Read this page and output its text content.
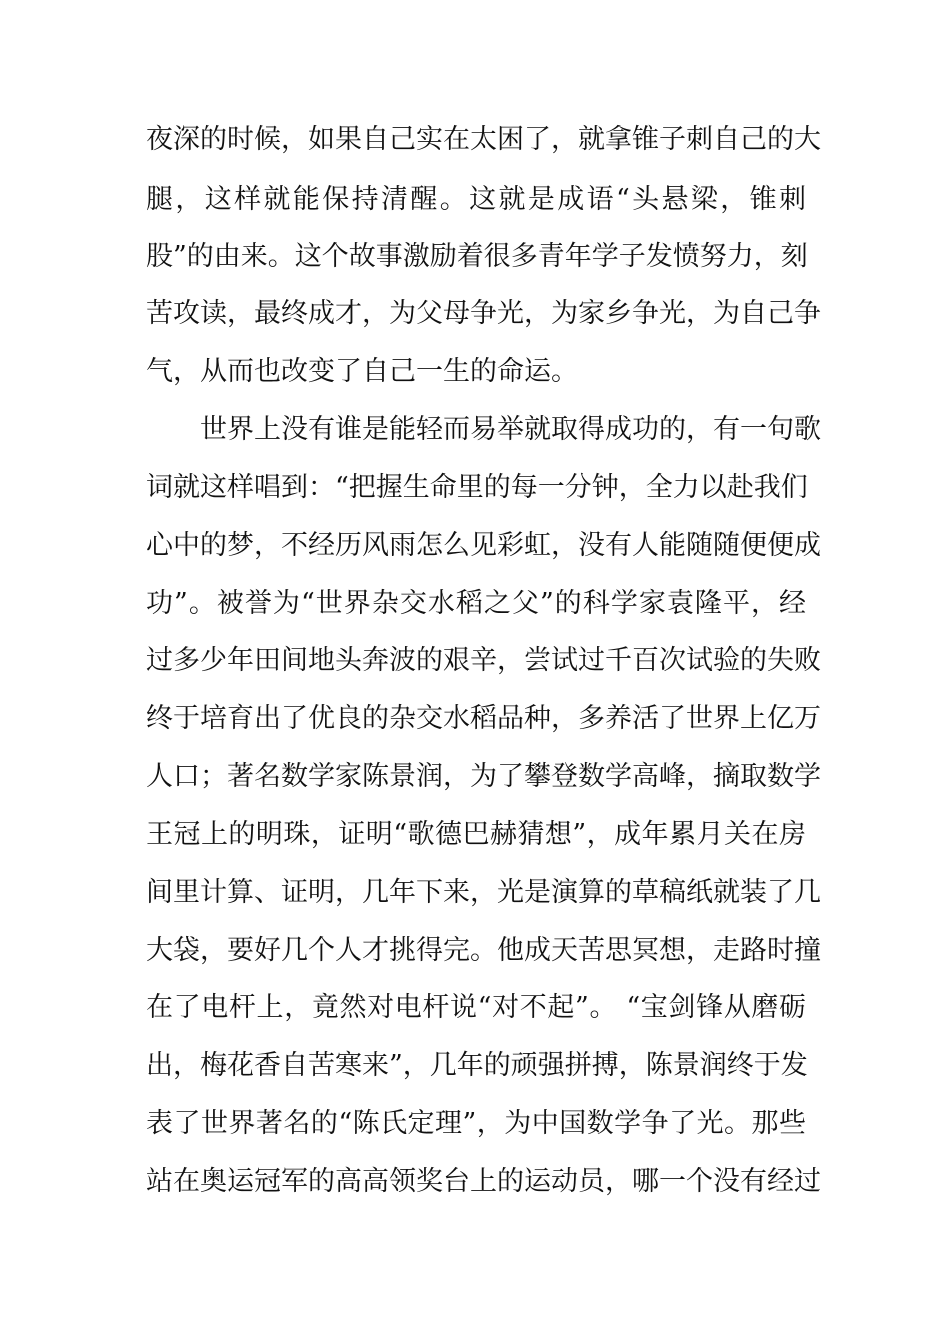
夜深的时候，如果自己实在太困了，就拿锥子刺自己的大
腿，这样就能保持清醒。这就是成语“头悬梁，锥刺
股”的由来。这个故事激励着很多青年学子发愤努力，刻
苦攻读，最终成才，为父母争光，为家乡争光，为自己争
气，从而也改变了自己一生的命运。
世界上没有谁是能轻而易举就取得成功的，有一句歌
词就这样唱到：“把握生命里的每一分钟，全力以赴我们
心中的梦，不经历风雨怎么见彩虹，没有人能随随便便成
功”。被誉为“世界杂交水稻之父”的科学家袁隆平，经
过多少年田间地头奔波的艰辛，尝试过千百次试验的失败
终于培育出了优良的杂交水稻品种，多养活了世界上亿万
人口；著名数学家陈景润，为了攀登数学高峰，摘取数学
王冠上的明珠，证明“歌德巴赫猜想”，成年累月关在房
间里计算、证明，几年下来，光是演算的草稿纸就装了几
大袋，要好几个人才挑得完。他成天苦思冥想，走路时撞
在了电杆上，竟然对电杆说“对不起”。 “宝剑锋从磨砺
出，梅花香自苦寒来”，几年的顽强拼搏，陈景润终于发
表了世界著名的“陈氏定理”，为中国数学争了光。那些
站在奥运冠军的高高领奖台上的运动员，哪一个没有经过
